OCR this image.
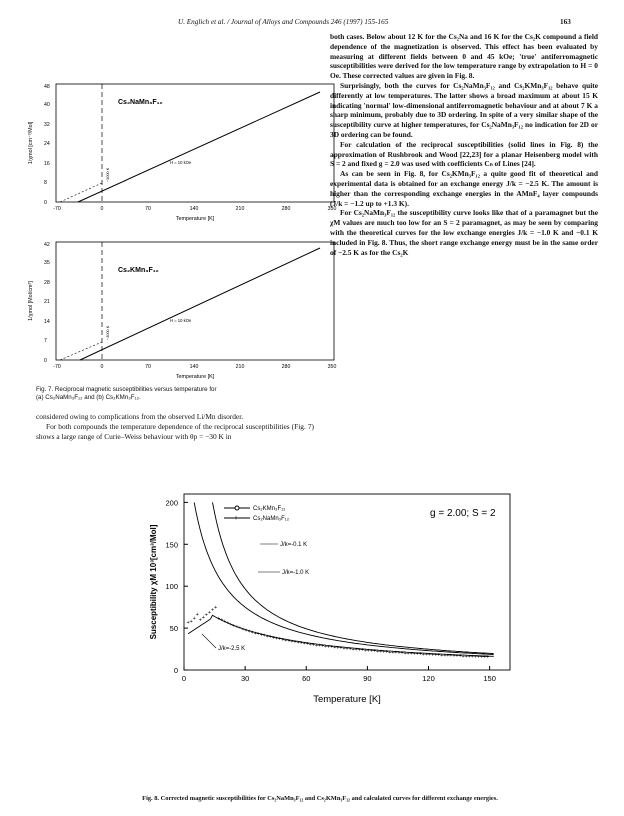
U. Englich et al. / Journal of Alloys and Compounds 246 (1997) 155-165	163
0
8
16
24
32
40
48
-70	0	70	140	210	280	350
Temperature [K]
1/χmol [cm⁻³/Mol]
Cs₂NaMn₃F₁₂
H = 10 kOe
−3000 K
0
7
14
21
28
35
42
-70	0	70	140	210	280	350
Temperature [K]
1/χmol [Mol/cm³]
Cs₂KMn₃F₁₂
H = 10 kOe
−3000 K
Fig. 7. Reciprocal magnetic susceptibilities versus temperature for
(a) Cs₂NaMn₃F₁₂ and (b) Cs₂KMn₃F₁₂.

considered owing to complications from the observed Li/Mn disorder.

For both compounds the temperature dependence of the reciprocal susceptibilities (Fig. 7) shows a large range of Curie–Weiss behaviour with θp = −30 K in

both cases. Below about 12 K for the Cs₂Na and 16 K for the Cs₂K compound a field dependence of the magnetization is observed. This effect has been evaluated by measuring at different fields between 0 and 45 kOe; 'true' antiferromagnetic susceptibilities were derived for the low temperature range by extrapolation to H = 0 Oe. These corrected values are given in Fig. 8.

Surprisingly, both the curves for Cs₂NaMn₃F₁₂ and Cs₂KMn₃F₁₂ behave quite differently at low temperatures. The latter shows a broad maximum at about 15 K indicating 'normal' low-dimensional antiferromagnetic behaviour and at about 7 K a sharp minimum, probably due to 3D ordering. In spite of a very similar shape of the susceptibility curve at higher temperatures, for Cs₂NaMn₃F₁₂ no indication for 2D or 3D ordering can be found.

For calculation of the reciprocal susceptibilities (solid lines in Fig. 8) the approximation of Rushbrook and Wood [22,23] for a planar Heisenberg model with S = 2 and fixed g = 2.0 was used with coefficients Cₙ of Lines [24].

As can be seen in Fig. 8, for Cs₂KMn₃F₁₂ a quite good fit of theoretical and experimental data is obtained for an exchange energy J/k = −2.5 K. The amount is higher than the corresponding exchange energies in the AMnF₄ layer compounds (J/k = −1.2 up to +1.3 K).

For Cs₂NaMn₃F₁₂ the susceptibility curve looks like that of a paramagnet but the χM values are much too low for an S = 2 paramagnet, as may be seen by comparing with the theoretical curves for the low exchange energies J/k = −1.0 K and −0.1 K included in Fig. 8. Thus, the short range exchange energy must be in the same order of −2.5 K as for the Cs₂K

0	30	60	90	120	150
0
50
100
150
200
+ + +
+
+ + + + + +
+ + + + + + + + + + + + + + + + + + + + + + + + + + + + + + + + + + + + + + + + + + + + + + + + + + + + + + + + + + + + + + + + + + + + + + + + + + + + + + + + + + + + + + + + +
Temperature [K]
Susceptibility χM 10³[cm³/Mol]
Cs₂KMn₃F₁₂
+ Cs₂NaMn₃F₁₂	g = 2.00; S = 2
J/k=-0.1 K
J/k=-1.0 K
J/k=-2.5 K
Fig. 8. Corrected magnetic susceptibilities for Cs₂NaMn₃F₁₂ and Cs₂KMn₃F₁₂ and calculated curves for different exchange energies.
